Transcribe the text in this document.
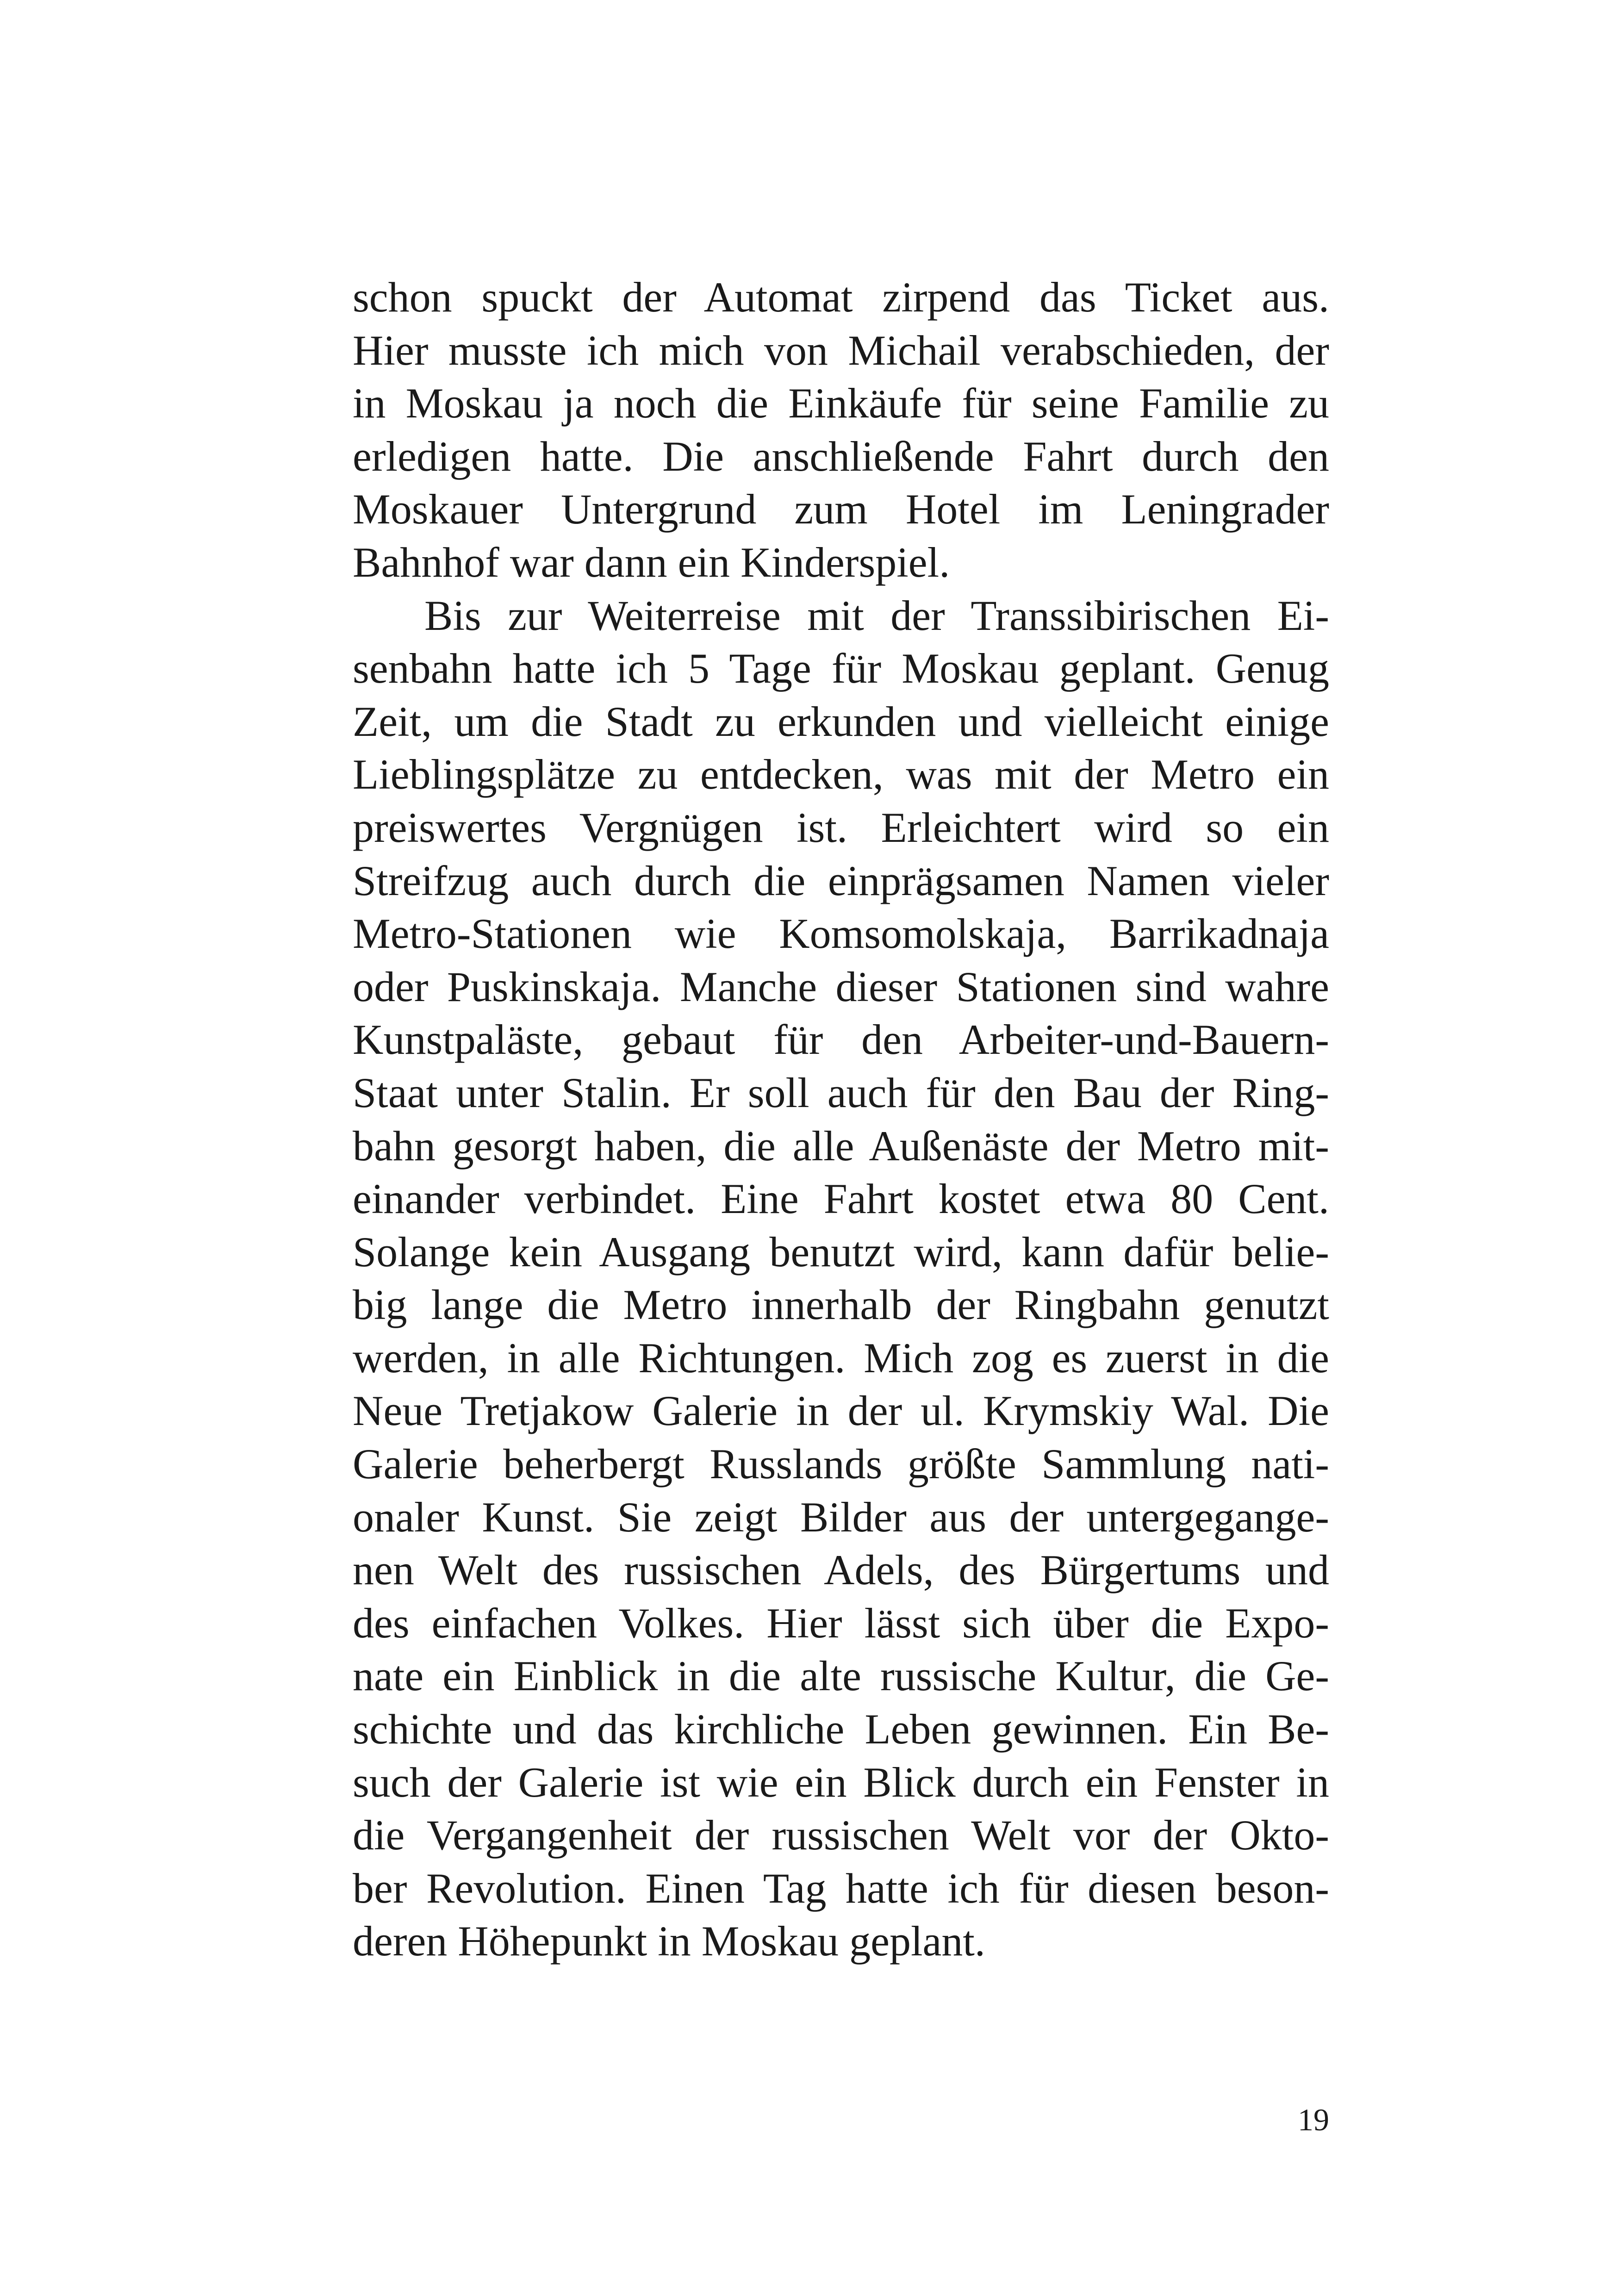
schon spuckt der Automat zirpend das Ticket aus.
Hier musste ich mich von Michail verabschieden, der
in Moskau ja noch die Einkäufe für seine Familie zu
erledigen hatte. Die anschließende Fahrt durch den
Moskauer Untergrund zum Hotel im Leningrader
Bahnhof war dann ein Kinderspiel.
Bis zur Weiterreise mit der Transsibirischen Ei-
senbahn hatte ich 5 Tage für Moskau geplant. Genug
Zeit, um die Stadt zu erkunden und vielleicht einige
Lieblingsplätze zu entdecken, was mit der Metro ein
preiswertes Vergnügen ist. Erleichtert wird so ein
Streifzug auch durch die einprägsamen Namen vieler
Metro-Stationen wie Komsomolskaja, Barrikadnaja
oder Puskinskaja. Manche dieser Stationen sind wahre
Kunstpaläste, gebaut für den Arbeiter-und-Bauern-
Staat unter Stalin. Er soll auch für den Bau der Ring-
bahn gesorgt haben, die alle Außenäste der Metro mit-
einander verbindet. Eine Fahrt kostet etwa 80 Cent.
Solange kein Ausgang benutzt wird, kann dafür belie-
big lange die Metro innerhalb der Ringbahn genutzt
werden, in alle Richtungen. Mich zog es zuerst in die
Neue Tretjakow Galerie in der ul. Krymskiy Wal. Die
Galerie beherbergt Russlands größte Sammlung nati-
onaler Kunst. Sie zeigt Bilder aus der untergegange-
nen Welt des russischen Adels, des Bürgertums und
des einfachen Volkes. Hier lässt sich über die Expo-
nate ein Einblick in die alte russische Kultur, die Ge-
schichte und das kirchliche Leben gewinnen. Ein Be-
such der Galerie ist wie ein Blick durch ein Fenster in
die Vergangenheit der russischen Welt vor der Okto-
ber Revolution. Einen Tag hatte ich für diesen beson-
deren Höhepunkt in Moskau geplant.
19
